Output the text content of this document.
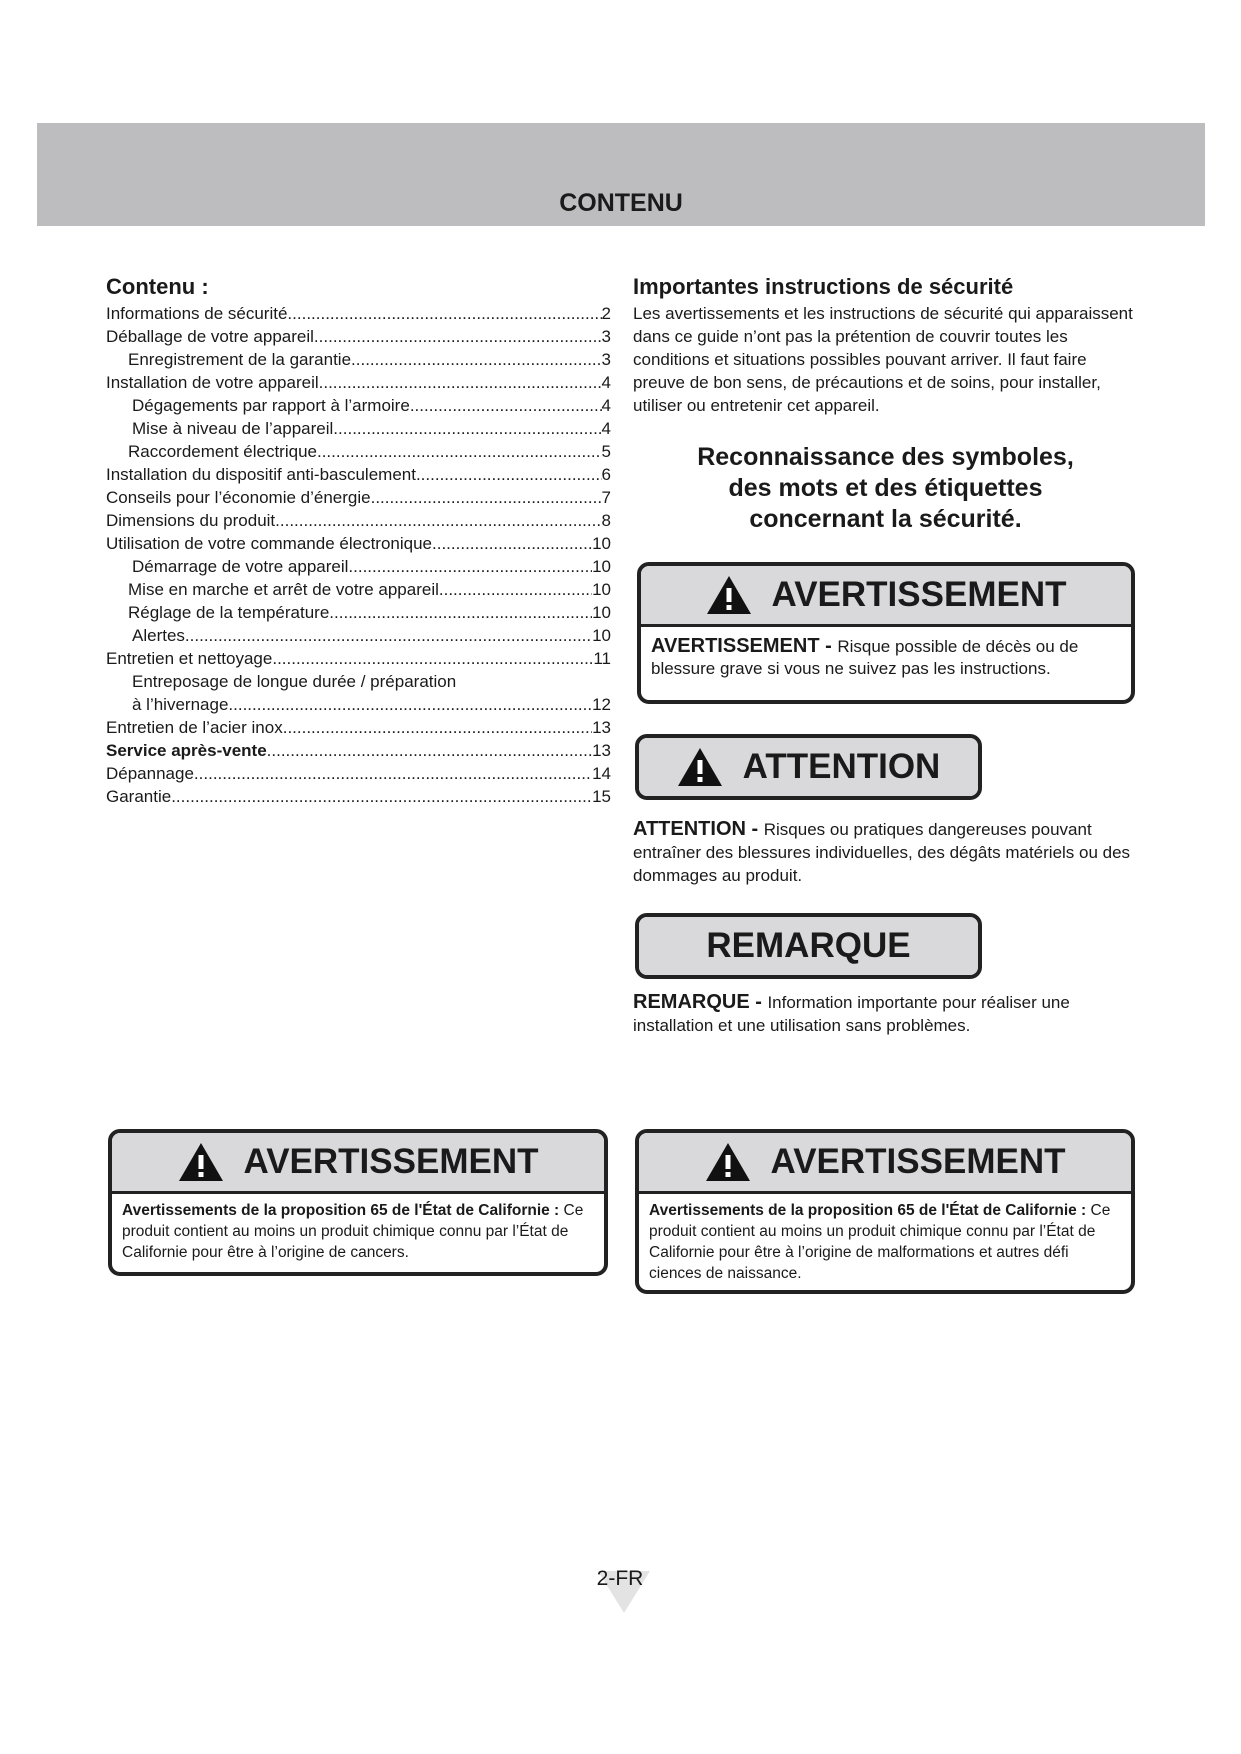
CONTENU
Contenu :
Informations de sécurité .....	2
Déballage de votre appareil .....	3
Enregistrement de la garantie .....	3
Installation de votre appareil .....	4
Dégagements par rapport à l’armoire .....	4
Mise à niveau de l’appareil .....	4
Raccordement électrique .....	5
Installation du dispositif anti-basculement .....	6
Conseils pour l’économie d’énergie .....	7
Dimensions du produit .....	8
Utilisation de votre commande électronique .....	10
Démarrage de votre appareil .....	10
Mise en marche et arrêt de votre appareil .....	10
Réglage de la température .....	10
Alertes .....	10
Entretien et nettoyage .....	11
Entreposage de longue durée / préparation
à l’hivernage .....	12
Entretien de l’acier inox .....	13
Service après-vente .....	13
Dépannage .....	14
Garantie .....	15
Importantes instructions de sécurité

Les avertissements et les instructions de sécurité qui apparaissent dans ce guide n’ont pas la prétention de couvrir toutes les conditions et situations possibles pouvant arriver. Il faut faire preuve de bon sens, de précautions et de soins, pour installer, utiliser ou entretenir cet appareil.

Reconnaissance des symboles,
des mots et des étiquettes
concernant la sécurité.
AVERTISSEMENT
AVERTISSEMENT - Risque possible de décès ou de blessure grave si vous ne suivez pas les instructions.
ATTENTION
ATTENTION - Risques ou pratiques dangereuses pouvant entraîner des blessures individuelles, des dégâts matériels ou des dommages au produit.
REMARQUE
REMARQUE - Information importante pour réaliser une installation et une utilisation sans problèmes.
AVERTISSEMENT
Avertissements de la proposition 65 de l'État de Californie : Ce produit contient au moins un produit chimique connu par l’État de Californie pour être à l’origine de cancers.
AVERTISSEMENT
Avertissements de la proposition 65 de l'État de Californie : Ce produit contient au moins un produit chimique connu par l’État de Californie pour être à l’origine de malformations et autres défi ciences de naissance.
2-FR
